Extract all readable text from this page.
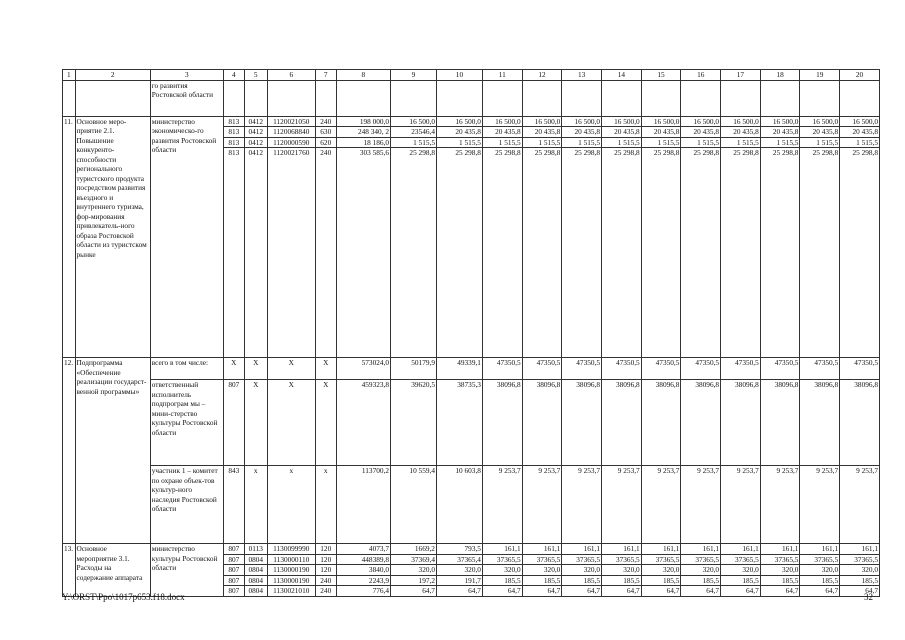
1	2	3	4	5	6	7	8	9	10	11	12	13	14	15	16	17	18	19	20
		го развития Ростовской области																	
11.	Основное меро-приятие 2.1. Повышение конкуренто-способности регионального туристского продукта посредством развития въездного и внутреннего туризма, фор-мирования привлекатель-ного образа Ростовской области из туристском рынке	министерство экономическо-го развития Ростовской области	813	0412	1120021050	240	198 000,0	16 500,0	16 500,0	16 500,0	16 500,0	16 500,0	16 500,0	16 500,0	16 500,0	16 500,0	16 500,0	16 500,0	16 500,0
			813	0412	1120068840	630	248 340, 2	23546,4	20 435,8	20 435,8	20 435,8	20 435,8	20 435,8	20 435,8	20 435,8	20 435,8	20 435,8	20 435,8	20 435,8
			813	0412	1120000590	620	18 186,0	1 515,5	1 515,5	1 515,5	1 515,5	1 515,5	1 515,5	1 515,5	1 515,5	1 515,5	1 515,5	1 515,5	1 515,5
			813	0412	1120021760	240	303 585,6	25 298,8	25 298,8	25 298,8	25 298,8	25 298,8	25 298,8	25 298,8	25 298,8	25 298,8	25 298,8	25 298,8	25 298,8
12.	Подпрограмма «Обеспечение реализации государст-венной программы»	всего в том числе:	X	X	X	X	573024,0	50179,9	49339,1	47350,5	47350,5	47350,5	47350,5	47350,5	47350,5	47350,5	47350,5	47350,5	47350,5
		ответственный исполнитель подпрограм мы – мини-стерство культуры Ростовской области	807	X	X	X	459323,8	39620,5	38735,3	38096,8	38096,8	38096,8	38096,8	38096,8	38096,8	38096,8	38096,8	38096,8	38096,8
		участник 1 – комитет по охране объек-тов культур-ного наследия Ростовской области	843	х	х	х	113700,2	10 559,4	10 603,8	9 253,7	9 253,7	9 253,7	9 253,7	9 253,7	9 253,7	9 253,7	9 253,7	9 253,7	9 253,7
13.	Основное мероприятие 3.1. Расходы на содержание аппарата	министерство культуры Ростовской области	807	0113	1130099990	120	4073,7	1669,2	793,5	161,1	161,1	161,1	161,1	161,1	161,1	161,1	161,1	161,1	161,1
			807	0804	1130000110	120	448389,8	37369,4	37365,4	37365,5	37365,5	37365,5	37365,5	37365,5	37365,5	37365,5	37365,5	37365,5	37365,5
			807	0804	1130000190	120	3840,0	320,0	320,0	320,0	320,0	320,0	320,0	320,0	320,0	320,0	320,0	320,0	320,0
			807	0804	1130000190	240	2243,9	197,2	191,7	185,5	185,5	185,5	185,5	185,5	185,5	185,5	185,5	185,5	185,5
			807	0804	1130021010	240	776,4	64,7	64,7	64,7	64,7	64,7	64,7	64,7	64,7	64,7	64,7	64,7	64,7
Y:\ORST\Ppo\1017p653.f18.docx	32
